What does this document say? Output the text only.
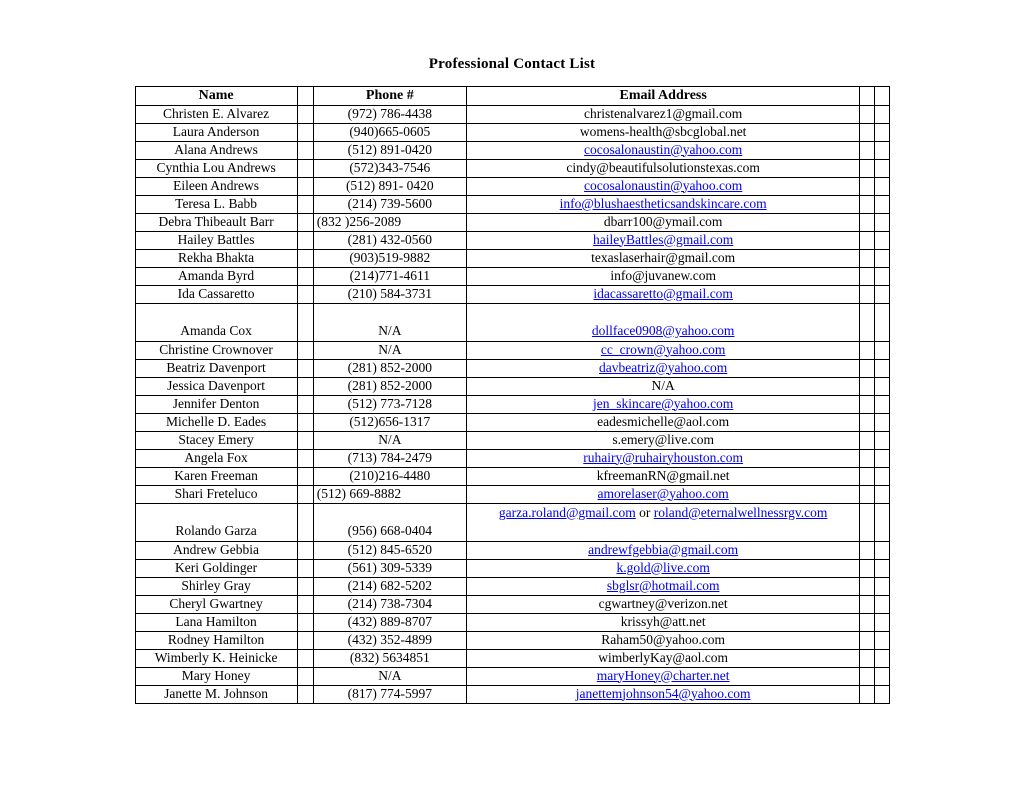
Professional Contact List
Name		Phone #	Email Address		
Christen E. Alvarez		(972) 786-4438	christenalvarez1@gmail.com		
Laura Anderson		(940)665-0605	womens-health@sbcglobal.net		
Alana Andrews		(512) 891-0420	cocosalonaustin@yahoo.com		
Cynthia Lou Andrews		(572)343-7546	cindy@beautifulsolutionstexas.com		
Eileen Andrews		(512) 891- 0420	cocosalonaustin@yahoo.com		
Teresa L. Babb		(214) 739-5600	info@blushaestheticsandskincare.com		
Debra Thibeault Barr		(832 )256-2089	dbarr100@ymail.com		
Hailey Battles		(281) 432-0560	haileyBattles@gmail.com		
Rekha Bhakta		(903)519-9882	texaslaserhair@gmail.com		
Amanda Byrd		(214)771-4611	info@juvanew.com		
Ida Cassaretto		(210) 584-3731	idacassaretto@gmail.com		
Amanda Cox		N/A	dollface0908@yahoo.com		
Christine Crownover		N/A	cc_crown@yahoo.com		
Beatriz Davenport		(281) 852-2000	davbeatriz@yahoo.com		
Jessica Davenport		(281) 852-2000	N/A		
Jennifer Denton		(512) 773-7128	jen_skincare@yahoo.com		
Michelle D. Eades		(512)656-1317	eadesmichelle@aol.com		
Stacey Emery		N/A	s.emery@live.com		
Angela Fox		(713) 784-2479	ruhairy@ruhairyhouston.com		
Karen Freeman		(210)216-4480	kfreemanRN@gmail.net		
Shari Freteluco		(512) 669-8882	amorelaser@yahoo.com		
Rolando Garza		(956) 668-0404	garza.roland@gmail.com or roland@eternalwellnessrgv.com		
Andrew Gebbia		(512) 845-6520	andrewfgebbia@gmail.com		
Keri Goldinger		(561) 309-5339	k.gold@live.com		
Shirley Gray		(214) 682-5202	sbglsr@hotmail.com		
Cheryl Gwartney		(214) 738-7304	cgwartney@verizon.net		
Lana Hamilton		(432) 889-8707	krissyh@att.net		
Rodney Hamilton		(432) 352-4899	Raham50@yahoo.com		
Wimberly K. Heinicke		(832) 5634851	wimberlyKay@aol.com		
Mary Honey		N/A	maryHoney@charter.net		
Janette M. Johnson		(817) 774-5997	janettemjohnson54@yahoo.com		
